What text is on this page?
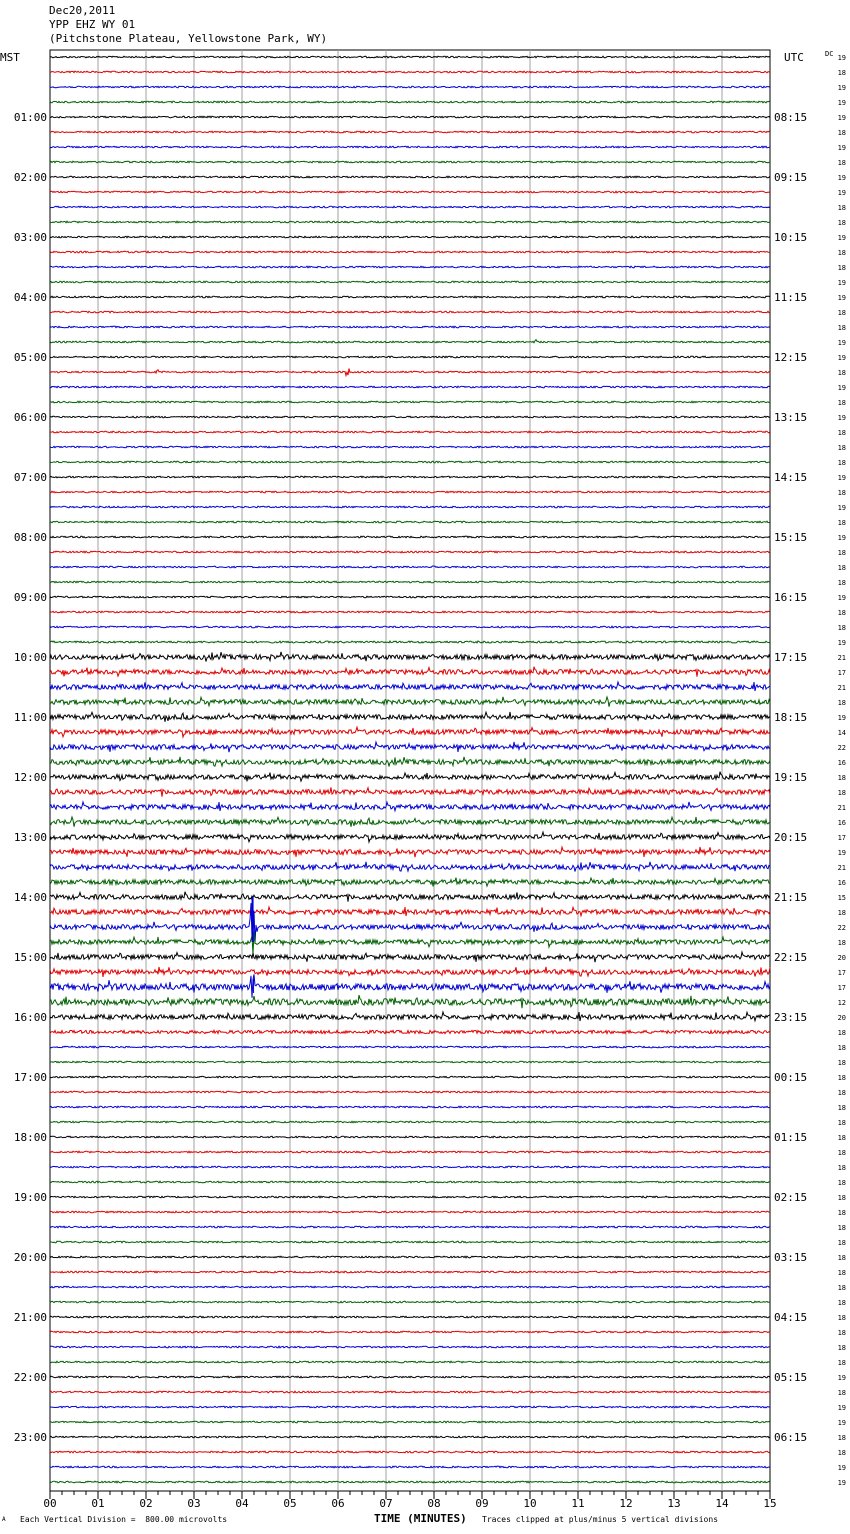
Dec20,2011
YPP EHZ WY 01
(Pitchstone Plateau, Yellowstone Park, WY)
19
18
19
19
19
18
19
18
19
19
18
18
19
18
18
19
19
18
18
19
19
18
19
18
19
18
18
18
19
18
19
18
19
18
18
18
19
18
18
19
21
17
21
18
19
14
22
16
18
18
21
16
17
19
21
16
15
18
22
18
20
17
17
12
20
18
18
18
18
18
18
18
18
18
18
18
18
18
18
18
18
18
18
18
18
18
18
18
19
18
19
19
18
18
19
19
01:00	08:15
02:00	09:15
03:00	10:15
04:00	11:15
05:00	12:15
06:00	13:15
07:00	14:15
08:00	15:15
09:00	16:15
10:00	17:15
11:00	18:15
12:00	19:15
13:00	20:15
14:00	21:15
15:00	22:15
16:00	23:15
17:00	00:15
18:00	01:15
19:00	02:15
20:00	03:15
21:00	04:15
22:00	05:15
23:00	06:15
MST	UTC	DC
00	01	02	03	04	05	06	07	08	09	10	11	12	13	14	15
A Each Vertical Division =  800.00 microvolts	TIME (MINUTES) Traces clipped at plus/minus 5 vertical divisions
